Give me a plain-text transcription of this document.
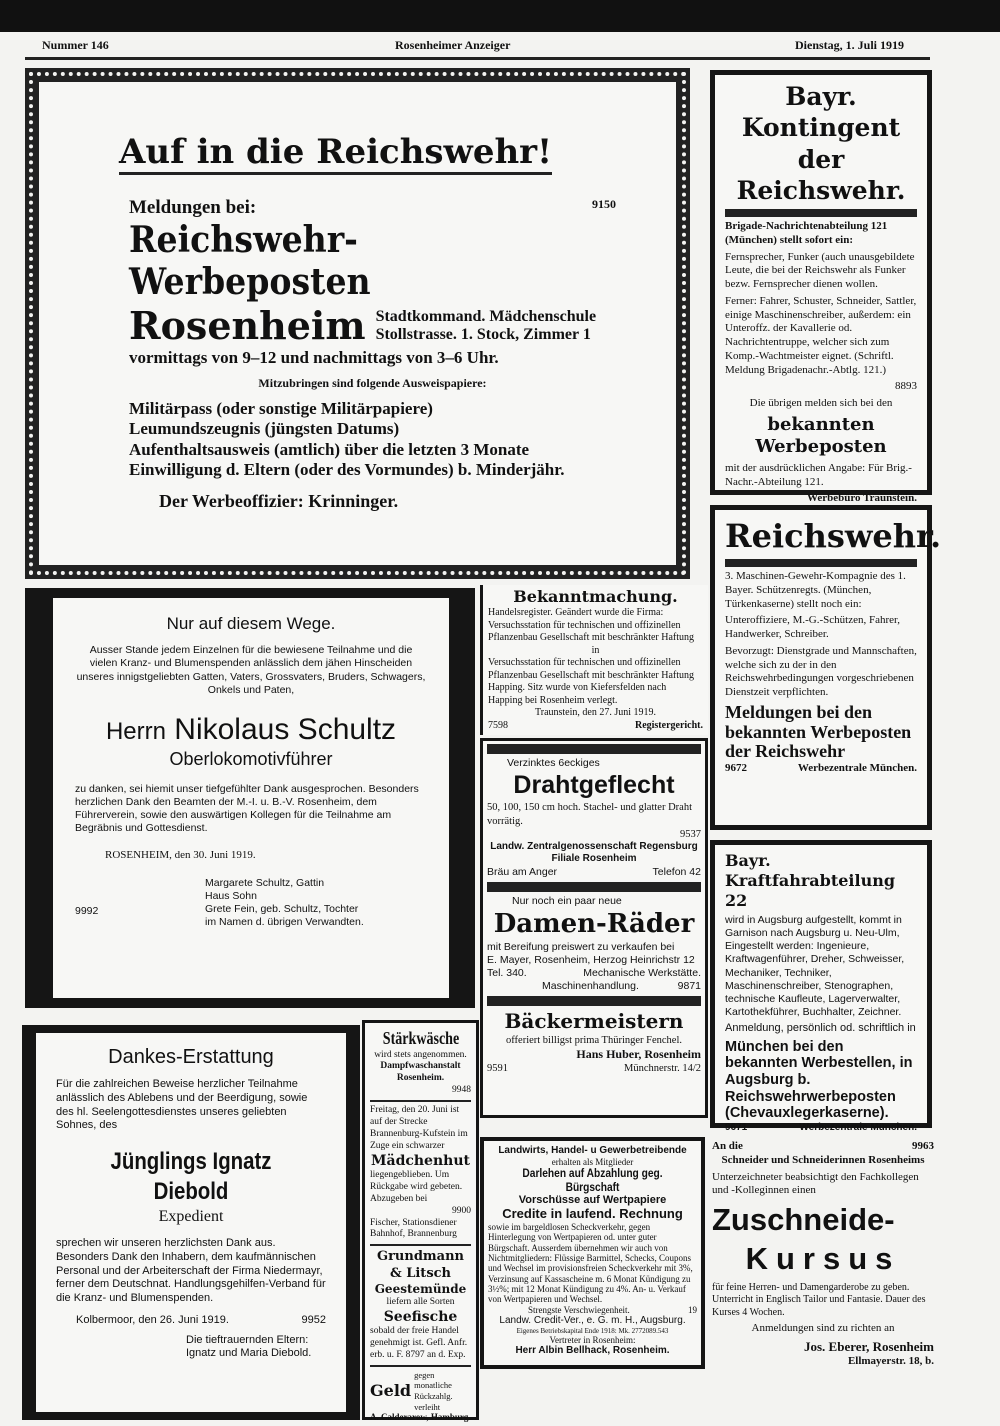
Nummer 146	Rosenheimer Anzeiger	Dienstag, 1. Juli 1919
Auf in die Reichswehr!
Meldungen bei:	9150
Reichswehr-Werbeposten
Rosenheim Stadtkommand. Mädchenschule
Stollstrasse. 1. Stock, Zimmer 1
vormittags von 9–12 und nachmittags von 3–6 Uhr.
Mitzubringen sind folgende Ausweispapiere:
Militärpass (oder sonstige Militärpapiere)
Leumundszeugnis (jüngsten Datums)
Aufenthaltsausweis (amtlich) über die letzten 3 Monate
Einwilligung d. Eltern (oder des Vormundes) b. Minderjähr.
Der Werbeoffizier: Krinninger.
Bayr. Kontingent
der Reichswehr.

Brigade-Nachrichtenabteilung 121 (München) stellt sofort ein:

Fernsprecher, Funker (auch unausgebildete Leute, die bei der Reichswehr als Funker bezw. Fernsprecher dienen wollen.

Ferner: Fahrer, Schuster, Schneider, Sattler, einige Maschinenschreiber, außerdem: ein Unteroffz. der Kavallerie od. Nachrichtentruppe, welcher sich zum Komp.-Wachtmeister eignet. (Schriftl. Meldung Brigadenachr.-Abtlg. 121.)

8893

Die übrigen melden sich bei den

bekannten Werbeposten

mit der ausdrücklichen Angabe: Für Brig.-Nachr.-Abteilung 121.

Werbebüro Traunstein.

Reichswehr.

3. Maschinen-Gewehr-Kompagnie des 1. Bayer. Schützenregts. (München, Türkenkaserne) stellt noch ein:

Unteroffiziere, M.-G.-Schützen, Fahrer, Handwerker, Schreiber.

Bevorzugt: Dienstgrade und Mannschaften, welche sich zu der in den Reichswehrbedingungen vorgeschriebenen Dienstzeit verpflichten.

Meldungen bei den bekannten Werbeposten der Reichswehr
9672	Werbezentrale München.
Bayr. Kraftfahrabteilung 22

wird in Augsburg aufgestellt, kommt in Garnison nach Augsburg u. Neu-Ulm, Eingestellt werden: Ingenieure, Kraftwagenführer, Dreher, Schweisser, Mechaniker, Techniker, Maschinenschreiber, Stenographen, technische Kaufleute, Lagerverwalter, Kartothekführer, Buchhalter, Zeichner.

Anmeldung, persönlich od. schriftlich in

München bei den bekannten Werbestellen, in Augsburg b. Reichswehrwerbeposten (Chevauxlegerkaserne).
9671	Werbezentrale München.
An die	9963
Schneider und Schneiderinnen Rosenheims

Unterzeichneter beabsichtigt den Fachkollegen und -Kolleginnen einen

Zuschneide-
Kursus

für feine Herren- und Damengarderobe zu geben. Unterricht in Englisch Tailor und Fantasie. Dauer des Kurses 4 Wochen.

Anmeldungen sind zu richten an

Jos. Eberer, Rosenheim
Ellmayerstr. 18, b.
Nur auf diesem Wege.

Ausser Stande jedem Einzelnen für die bewiesene Teilnahme und die vielen Kranz- und Blumenspenden anlässlich dem jähen Hinscheiden unseres innigstgeliebten Gatten, Vaters, Grossvaters, Bruders, Schwagers, Onkels und Paten,

Herrn Nikolaus Schultz
Oberlokomotivführer

zu danken, sei hiemit unser tiefgefühlter Dank ausgesprochen. Besonders herzlichen Dank den Beamten der M.-I. u. B.-V. Rosenheim, dem Führerverein, sowie den auswärtigen Kollegen für die Teilnahme am Begräbnis und Gottesdienst.

ROSENHEIM, den 30. Juni 1919.

Margarete Schultz, Gattin
Haus Sohn
Grete Fein, geb. Schultz, Tochter
im Namen d. übrigen Verwandten.
9992
Dankes-Erstattung

Für die zahlreichen Beweise herzlicher Teilnahme anlässlich des Ablebens und der Beerdigung, sowie des hl. Seelengottesdienstes unseres geliebten Sohnes, des

Jünglings Ignatz Diebold
Expedient

sprechen wir unseren herzlichsten Dank aus. Besonders Dank den Inhabern, dem kaufmännischen Personal und der Arbeiterschaft der Firma Niedermayr, ferner dem Deutschnat. Handlungsgehilfen-Verband für die Kranz- und Blumenspenden.

Kolbermoor, den 26. Juni 1919.	9952
Die tieftrauernden Eltern:
Ignatz und Maria Diebold.
Stärkwäsche
wird stets angenommen.
Dampfwaschanstalt Rosenheim.
9948
Freitag, den 20. Juni ist auf der Strecke Brannenburg-Kufstein im Zuge ein schwarzer
Mädchenhut
liegengeblieben. Um Rückgabe wird gebeten. Abzugeben bei
9900
Fischer, Stationsdiener Bahnhof, Brannenburg
Grundmann & Litsch
Geestemünde
liefern alle Sorten
Seefische
sobald der freie Handel genehmigt ist. Gefl. Anfr. erb. u. F. 8797 an d. Exp.
Geld
gegen monatliche Rückzahlg. verleiht
A. Calderarow, Hamburg.
Bekanntmachung.
Handelsregister. Geändert wurde die Firma: Versuchsstation für technischen und offizinellen Pflanzenbau Gesellschaft mit beschränkter Haftung
in
Versuchsstation für technischen und offizinellen Pflanzenbau Gesellschaft mit beschränkter Haftung Happing. Sitz wurde von Kiefersfelden nach Happing bei Rosenheim verlegt.
Traunstein, den 27. Juni 1919.
7598	Registergericht.
Verzinktes 6eckiges
Drahtgeflecht
50, 100, 150 cm hoch. Stachel- und glatter Draht vorrätig.
9537
Landw. Zentralgenossenschaft Regensburg Filiale Rosenheim
Bräu am Anger	Telefon 42
Nur noch ein paar neue
Damen-Räder
mit Bereifung preiswert zu verkaufen bei
E. Mayer, Rosenheim, Herzog Heinrichstr 12
Tel. 340.	Mechanische Werkstätte.
Maschinenhandlung.	9871
Bäckermeistern
offeriert billigst prima Thüringer Fenchel.
Hans Huber, Rosenheim
9591	Münchnerstr. 14/2
Landwirts, Handel- u Gewerbetreibende
erhalten als Mitglieder
Darlehen auf Abzahlung geg. Bürgschaft
Vorschüsse auf Wertpapiere
Credite in laufend. Rechnung
sowie im bargeldlosen Scheckverkehr, gegen Hinterlegung von Wertpapieren od. unter guter Bürgschaft. Ausserdem übernehmen wir auch von Nichtmitgliedern: Flüssige Barmittel, Schecks, Coupons und Wechsel im provisionsfreien Scheckverkehr mit 3%, Verzinsung auf Kassascheine m. 6 Monat Kündigung zu 3½%; mit 12 Monat Kündigung zu 4%. An- u. Verkauf von Wertpapieren und Wechsel.
Strengste Verschwiegenheit.	19
Landw. Credit-Ver., e. G. m. H., Augsburg.
Eigenes Betriebskapital Ende 1918: Mk. 2772089.543
Vertreter in Rosenheim:
Herr Albin Bellhack, Rosenheim.
